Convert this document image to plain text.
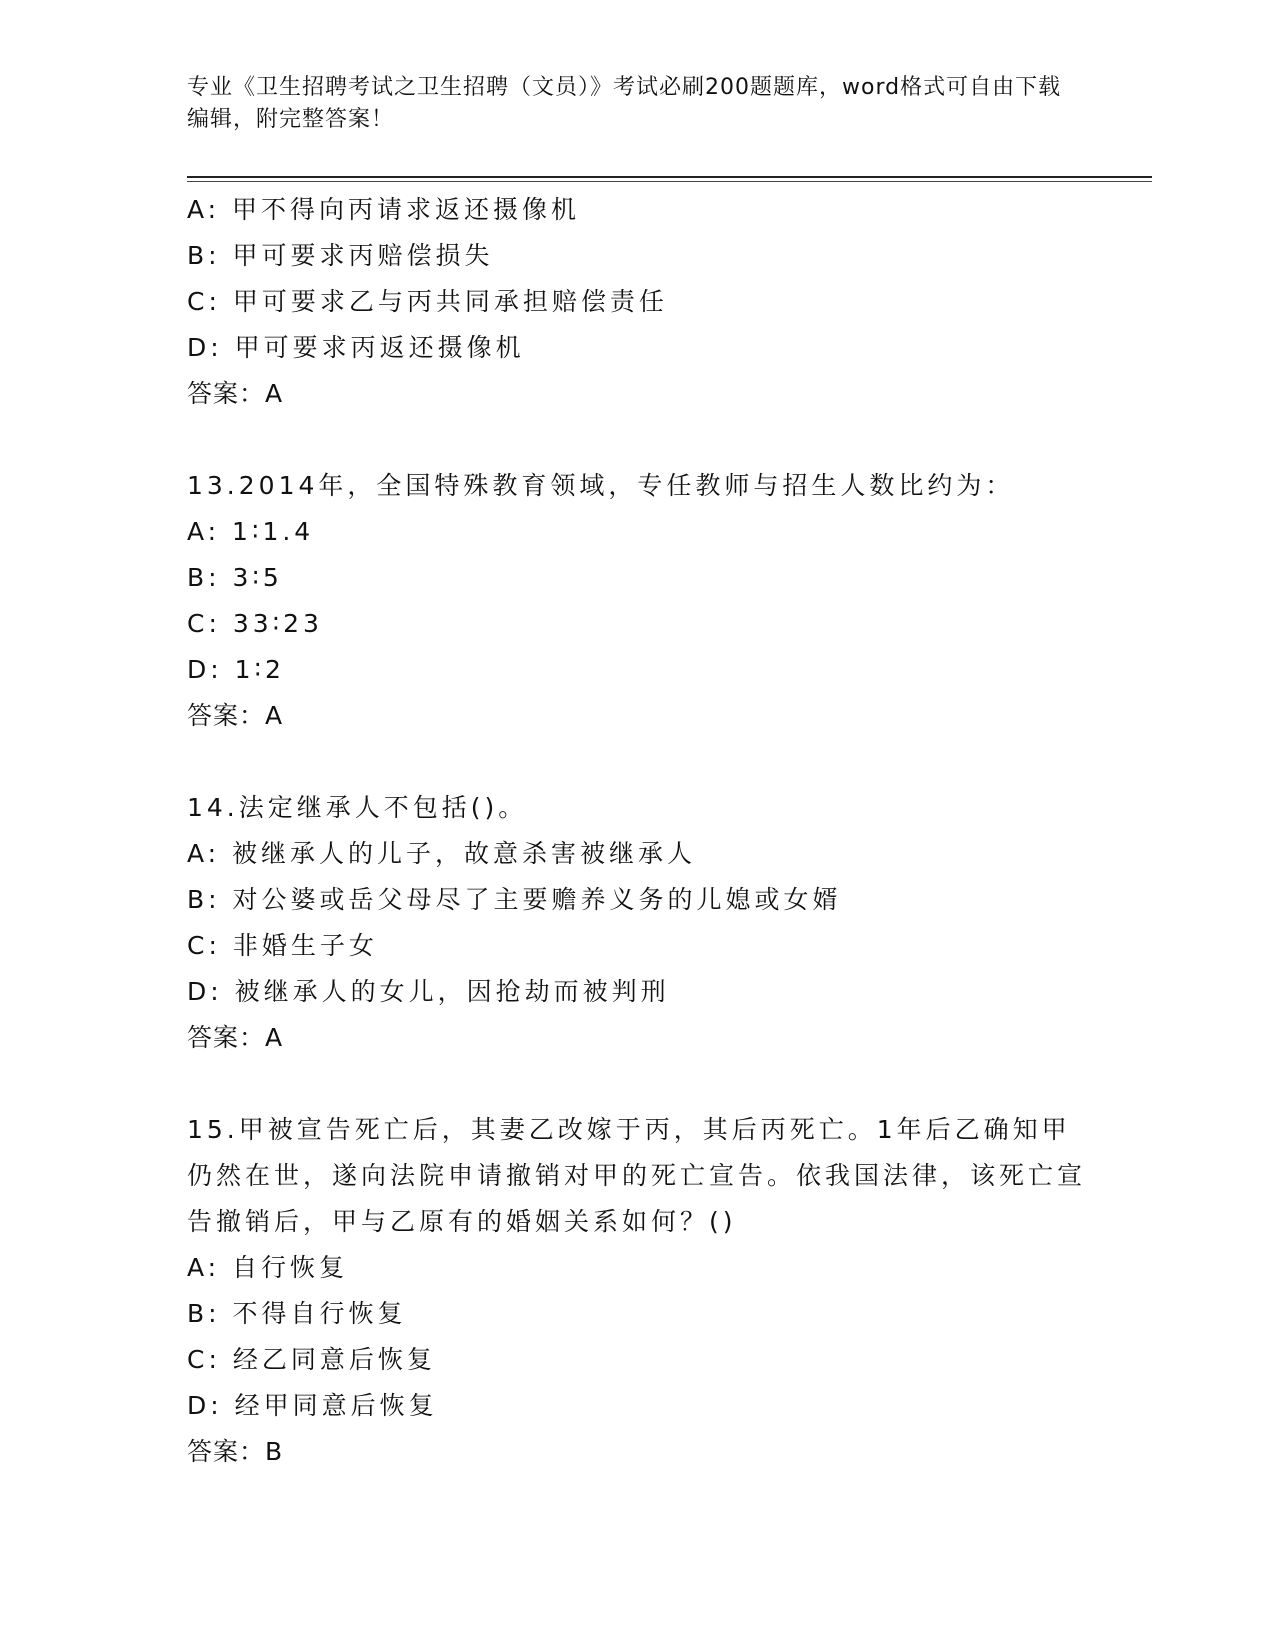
专业《卫生招聘考试之卫生招聘（文员）》考试必刷200题题库，word格式可自由下载编辑，附完整答案！
A: 甲不得向丙请求返还摄像机
B: 甲可要求丙赔偿损失
C: 甲可要求乙与丙共同承担赔偿责任
D: 甲可要求丙返还摄像机
答案：A
13.2014年，全国特殊教育领域，专任教师与招生人数比约为：
A: 1∶1.4
B: 3∶5
C: 33∶23
D: 1∶2
答案：A
14.法定继承人不包括()。
A: 被继承人的儿子，故意杀害被继承人
B: 对公婆或岳父母尽了主要赡养义务的儿媳或女婿
C: 非婚生子女
D: 被继承人的女儿，因抢劫而被判刑
答案：A
15.甲被宣告死亡后，其妻乙改嫁于丙，其后丙死亡。1年后乙确知甲仍然在世，遂向法院申请撤销对甲的死亡宣告。依我国法律，该死亡宣告撤销后，甲与乙原有的婚姻关系如何？()
A: 自行恢复
B: 不得自行恢复
C: 经乙同意后恢复
D: 经甲同意后恢复
答案：B
